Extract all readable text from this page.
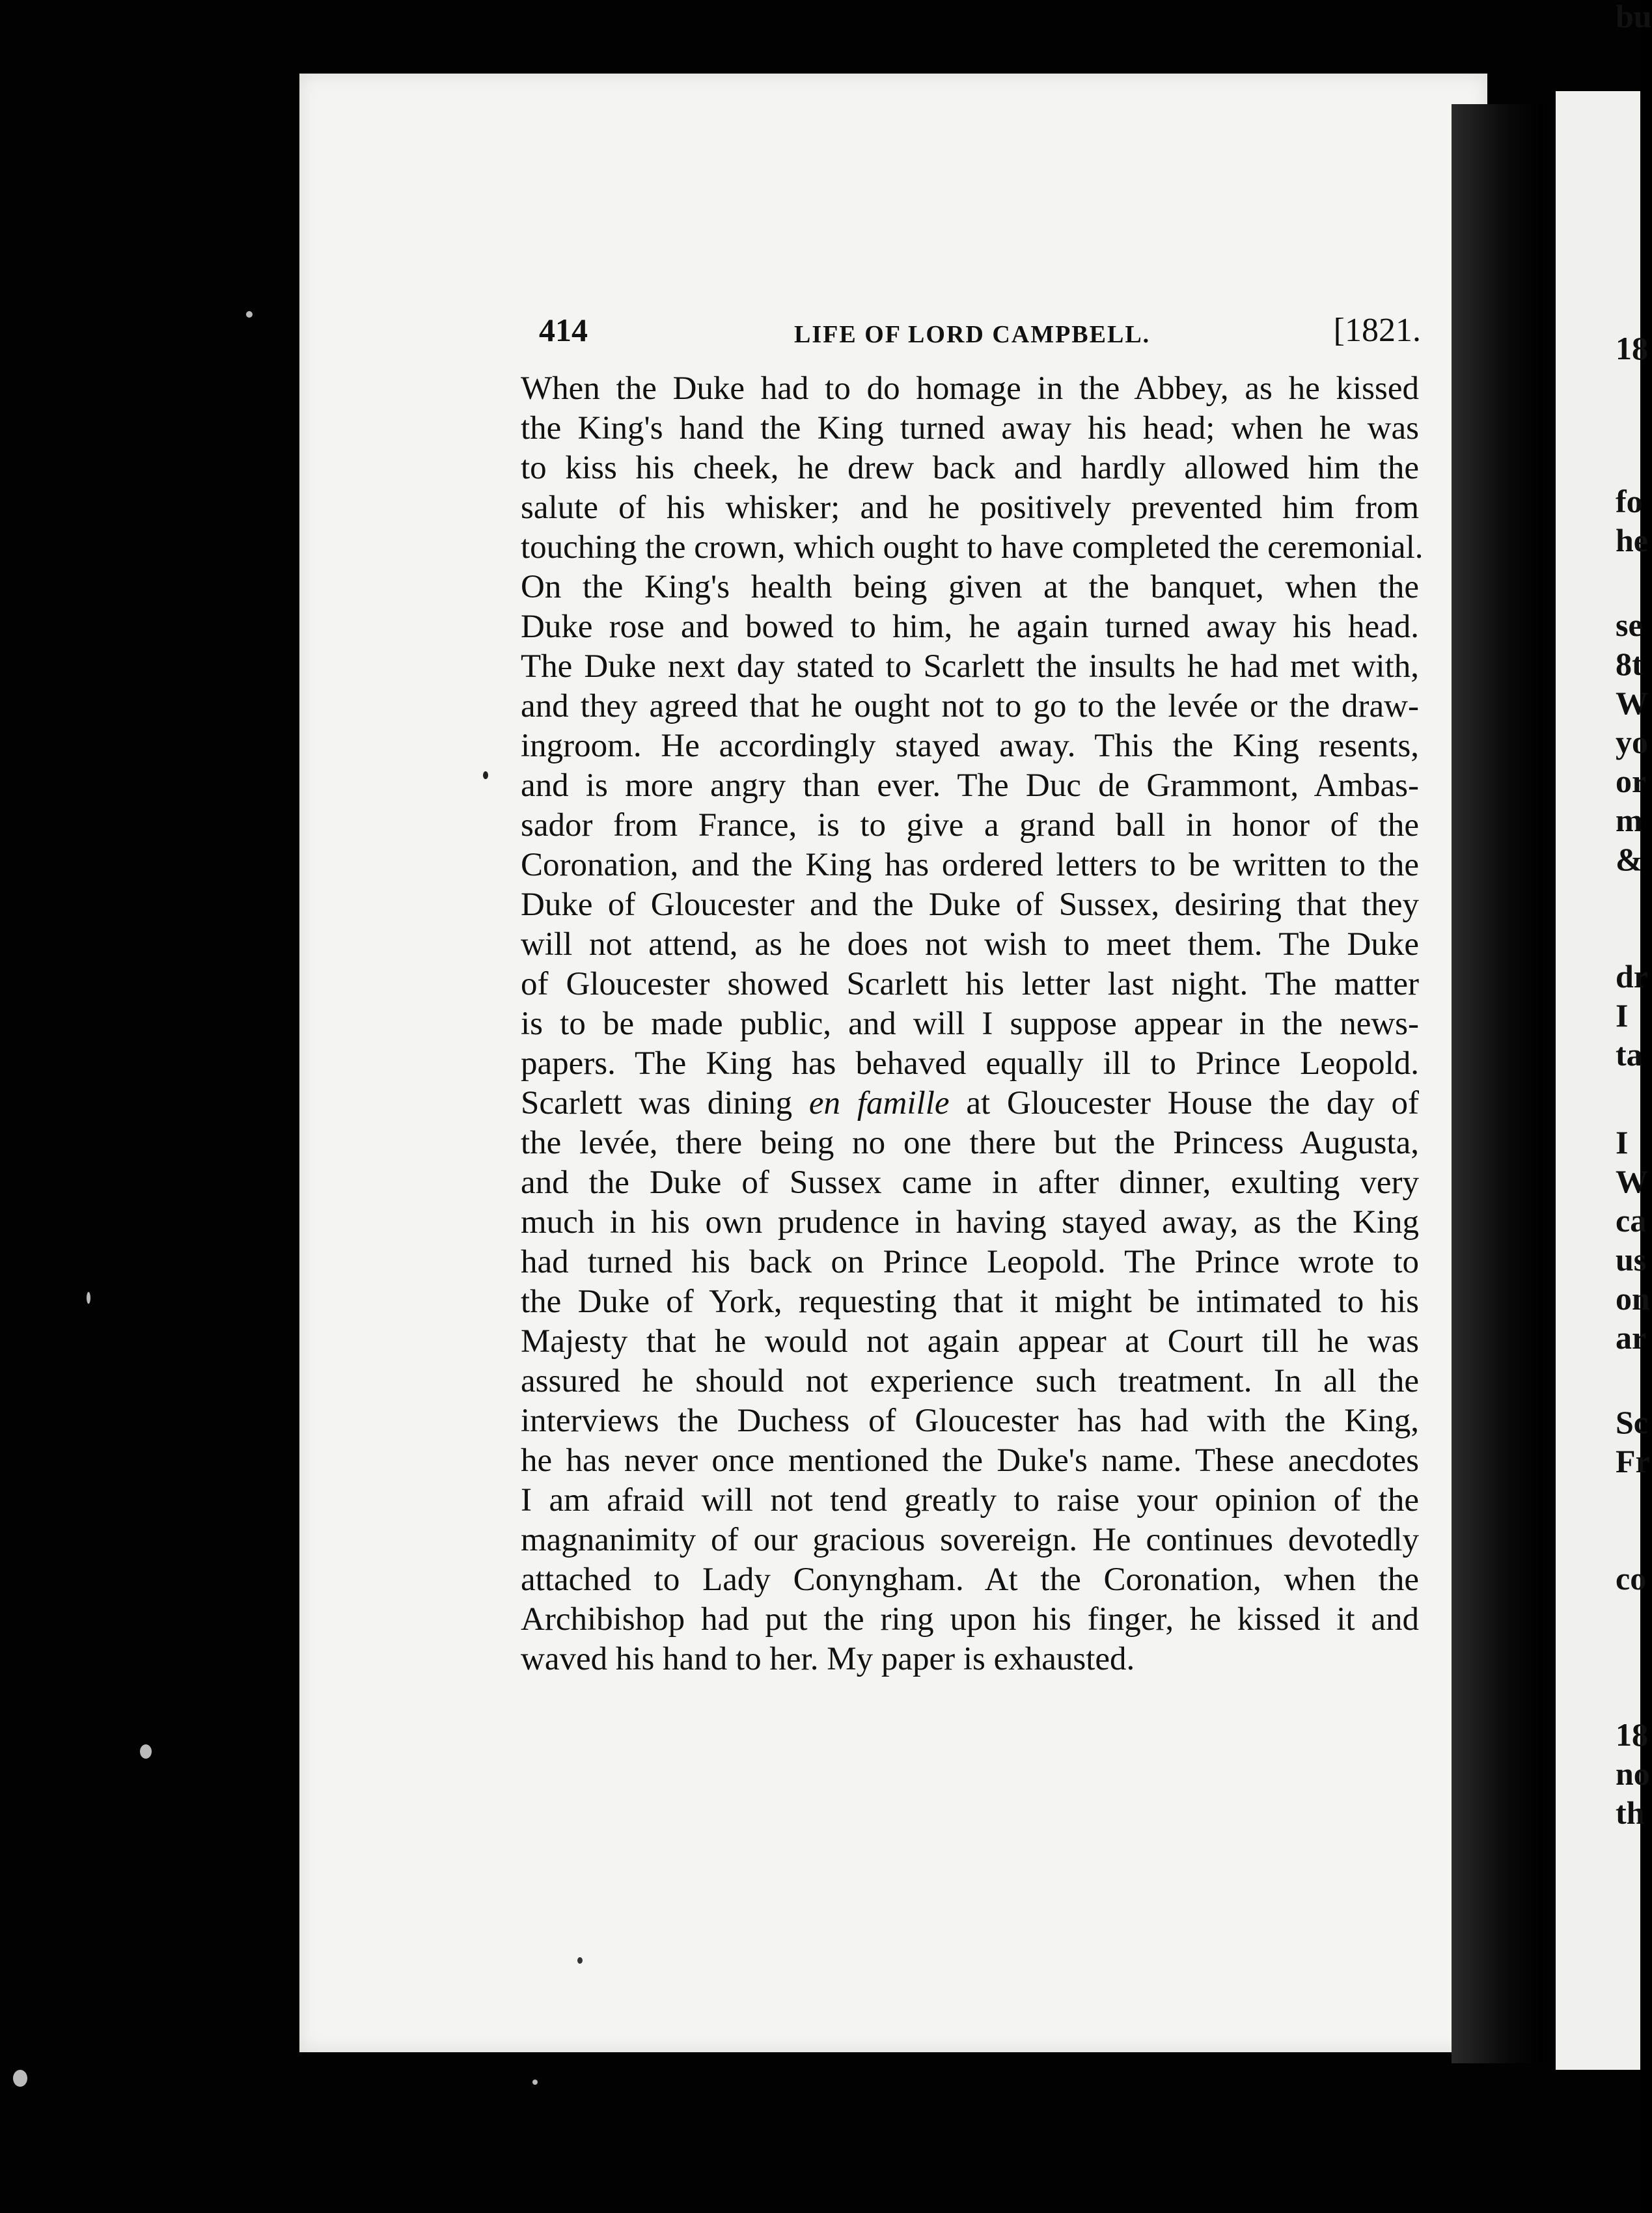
414	LIFE OF LORD CAMPBELL.	[1821.
When the Duke had to do homage in the Abbey, as he kissed
the King's hand the King turned away his head; when he was
to kiss his cheek, he drew back and hardly allowed him the
salute of his whisker; and he positively prevented him from
touching the crown, which ought to have completed the ceremonial.
On the King's health being given at the banquet, when the
Duke rose and bowed to him, he again turned away his head.
The Duke next day stated to Scarlett the insults he had met with,
and they agreed that he ought not to go to the levée or the draw-
ingroom. He accordingly stayed away. This the King resents,
and is more angry than ever. The Duc de Grammont, Ambas-
sador from France, is to give a grand ball in honor of the
Coronation, and the King has ordered letters to be written to the
Duke of Gloucester and the Duke of Sussex, desiring that they
will not attend, as he does not wish to meet them. The Duke
of Gloucester showed Scarlett his letter last night. The matter
is to be made public, and will I suppose appear in the news-
papers. The King has behaved equally ill to Prince Leopold.
Scarlett was dining en famille at Gloucester House the day of
the levée, there being no one there but the Princess Augusta,
and the Duke of Sussex came in after dinner, exulting very
much in his own prudence in having stayed away, as the King
had turned his back on Prince Leopold. The Prince wrote to
the Duke of York, requesting that it might be intimated to his
Majesty that he would not again appear at Court till he was
assured he should not experience such treatment. In all the
interviews the Duchess of Gloucester has had with the King,
he has never once mentioned the Duke's name. These anecdotes
I am afraid will not tend greatly to raise your opinion of the
magnanimity of our gracious sovereign. He continues devotedly
attached to Lady Conyngham. At the Coronation, when the
Archibishop had put the ring upon his finger, he kissed it and
waved his hand to her. My paper is exhausted.
18
fo
he
se
8t
W
yo
or
m
&
dr
I
ta
I
W
ca
us
on
ar
Sc
Fr
co
18
no
th
bu
